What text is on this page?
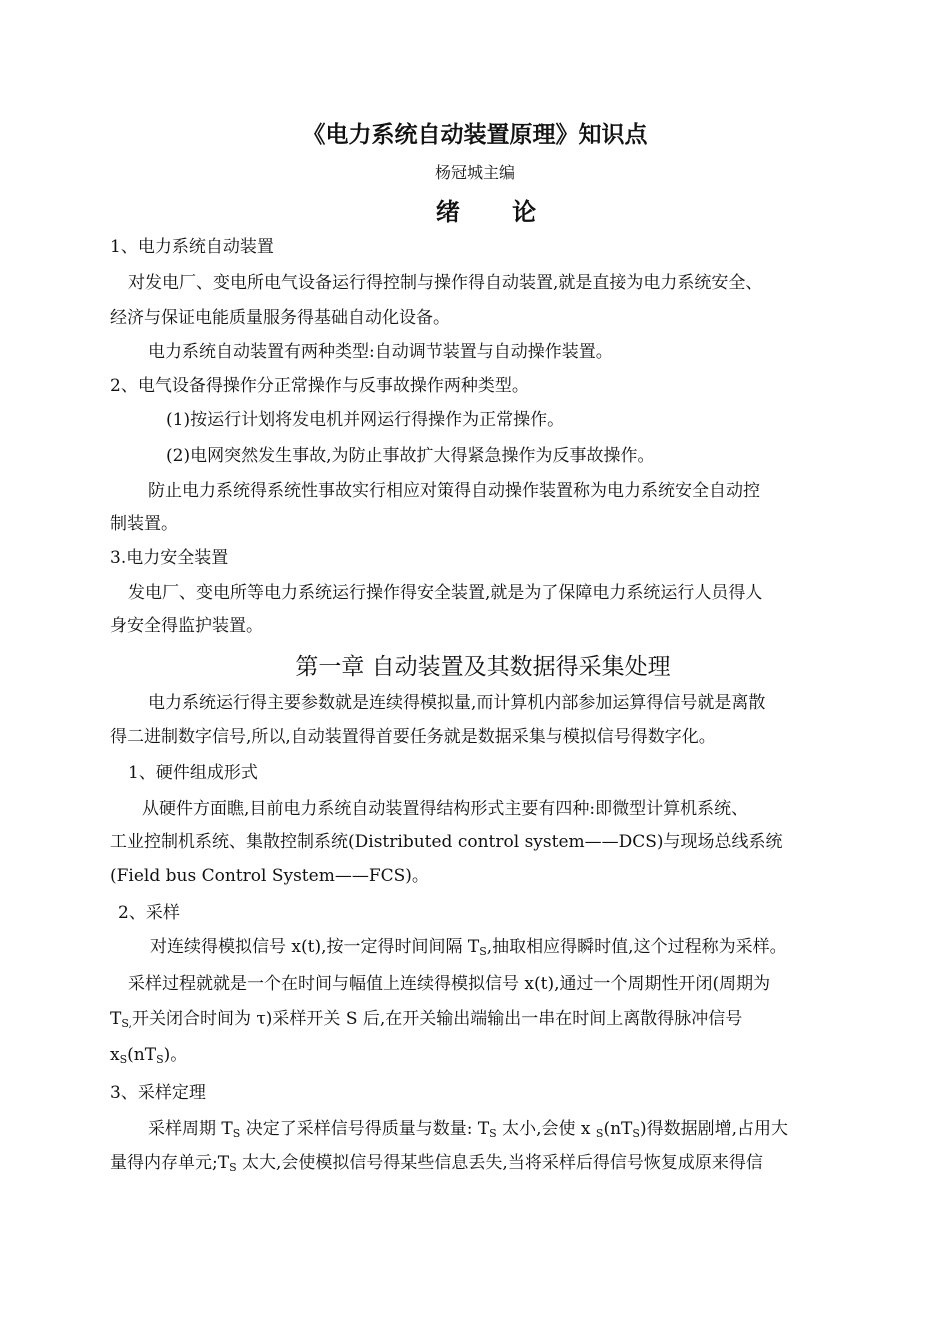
《电力系统自动装置原理》知识点
杨冠城主编
绪 论
1、电力系统自动装置
对发电厂、变电所电气设备运行得控制与操作得自动装置,就是直接为电力系统安全、
经济与保证电能质量服务得基础自动化设备。
电力系统自动装置有两种类型:自动调节装置与自动操作装置。
2、电气设备得操作分正常操作与反事故操作两种类型。
(1)按运行计划将发电机并网运行得操作为正常操作。
(2)电网突然发生事故,为防止事故扩大得紧急操作为反事故操作。
防止电力系统得系统性事故实行相应对策得自动操作装置称为电力系统安全自动控
制装置。
3.电力安全装置
发电厂、变电所等电力系统运行操作得安全装置,就是为了保障电力系统运行人员得人
身安全得监护装置。
第一章 自动装置及其数据得采集处理
电力系统运行得主要参数就是连续得模拟量,而计算机内部参加运算得信号就是离散
得二进制数字信号,所以,自动装置得首要任务就是数据采集与模拟信号得数字化。
1、硬件组成形式
从硬件方面瞧,目前电力系统自动装置得结构形式主要有四种:即微型计算机系统、
工业控制机系统、集散控制系统(Distributed control system——DCS)与现场总线系统
(Field bus Control System——FCS)。
2、采样
对连续得模拟信号 x(t),按一定得时间间隔 $T_S$,抽取相应得瞬时值,这个过程称为采样。
采样过程就就是一个在时间与幅值上连续得模拟信号 x(t),通过一个周期性开闭(周期为
$T_{S,}$开关闭合时间为 τ)采样开关 S 后,在开关输出端输出一串在时间上离散得脉冲信号
$x_S(nT_S)$。
3、采样定理
采样周期 $T_S$ 决定了采样信号得质量与数量: $T_S$ 太小,会使 x $_S(nT_S)$得数据剧增,占用大
量得内存单元$;T_S$ 太大,会使模拟信号得某些信息丢失,当将采样后得信号恢复成原来得信
